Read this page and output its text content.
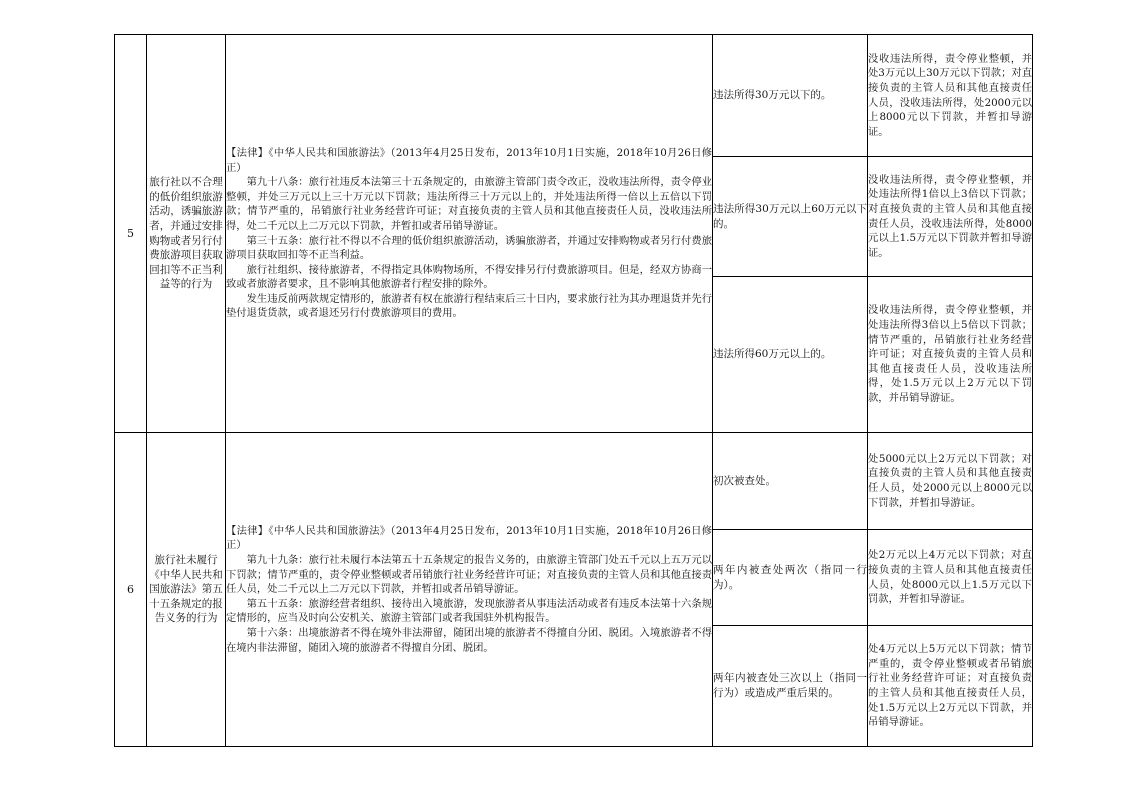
5	旅行社以不合理的低价组织旅游活动，诱骗旅游者，并通过安排购物或者另行付费旅游项目获取回扣等不正当利益等的行为	【法律】《中华人民共和国旅游法》（2013年4月25日发布，2013年10月1日实施，2018年10月26日修正）
第九十八条：旅行社违反本法第三十五条规定的，由旅游主管部门责令改正，没收违法所得，责令停业整顿，并处三万元以上三十万元以下罚款；违法所得三十万元以上的，并处违法所得一倍以上五倍以下罚款；情节严重的，吊销旅行社业务经营许可证；对直接负责的主管人员和其他直接责任人员，没收违法所得，处二千元以上二万元以下罚款，并暂扣或者吊销导游证。
第三十五条：旅行社不得以不合理的低价组织旅游活动，诱骗旅游者，并通过安排购物或者另行付费旅游项目获取回扣等不正当利益。
旅行社组织、接待旅游者，不得指定具体购物场所，不得安排另行付费旅游项目。但是，经双方协商一致或者旅游者要求，且不影响其他旅游者行程安排的除外。
发生违反前两款规定情形的，旅游者有权在旅游行程结束后三十日内，要求旅行社为其办理退货并先行垫付退货货款，或者退还另行付费旅游项目的费用。	违法所得30万元以下的。	没收违法所得，责令停业整顿，并处3万元以上30万元以下罚款；对直接负责的主管人员和其他直接责任人员，没收违法所得，处2000元以上8000元以下罚款，并暂扣导游证。
			违法所得30万元以上60万元以下的。	没收违法所得，责令停业整顿，并处违法所得1倍以上3倍以下罚款；对直接负责的主管人员和其他直接责任人员，没收违法所得，处8000元以上1.5万元以下罚款并暂扣导游证。
			违法所得60万元以上的。	没收违法所得，责令停业整顿，并处违法所得3倍以上5倍以下罚款；情节严重的，吊销旅行社业务经营许可证；对直接负责的主管人员和其他直接责任人员，没收违法所得，处1.5万元以上2万元以下罚款，并吊销导游证。
6	旅行社未履行《中华人民共和国旅游法》第五十五条规定的报告义务的行为	【法律】《中华人民共和国旅游法》（2013年4月25日发布，2013年10月1日实施，2018年10月26日修正）
第九十九条：旅行社未履行本法第五十五条规定的报告义务的，由旅游主管部门处五千元以上五万元以下罚款；情节严重的，责令停业整顿或者吊销旅行社业务经营许可证；对直接负责的主管人员和其他直接责任人员，处二千元以上二万元以下罚款，并暂扣或者吊销导游证。
第五十五条：旅游经营者组织、接待出入境旅游，发现旅游者从事违法活动或者有违反本法第十六条规定情形的，应当及时向公安机关、旅游主管部门或者我国驻外机构报告。
第十六条：出境旅游者不得在境外非法滞留，随团出境的旅游者不得擅自分团、脱团。入境旅游者不得在境内非法滞留，随团入境的旅游者不得擅自分团、脱团。	初次被查处。	处5000元以上2万元以下罚款；对直接负责的主管人员和其他直接责任人员，处2000元以上8000元以下罚款，并暂扣导游证。
			两年内被查处两次（指同一行为）。	处2万元以上4万元以下罚款；对直接负责的主管人员和其他直接责任人员，处8000元以上1.5万元以下罚款，并暂扣导游证。
			两年内被查处三次以上（指同一行为）或造成严重后果的。	处4万元以上5万元以下罚款；情节严重的，责令停业整顿或者吊销旅行社业务经营许可证；对直接负责的主管人员和其他直接责任人员，处1.5万元以上2万元以下罚款，并吊销导游证。
